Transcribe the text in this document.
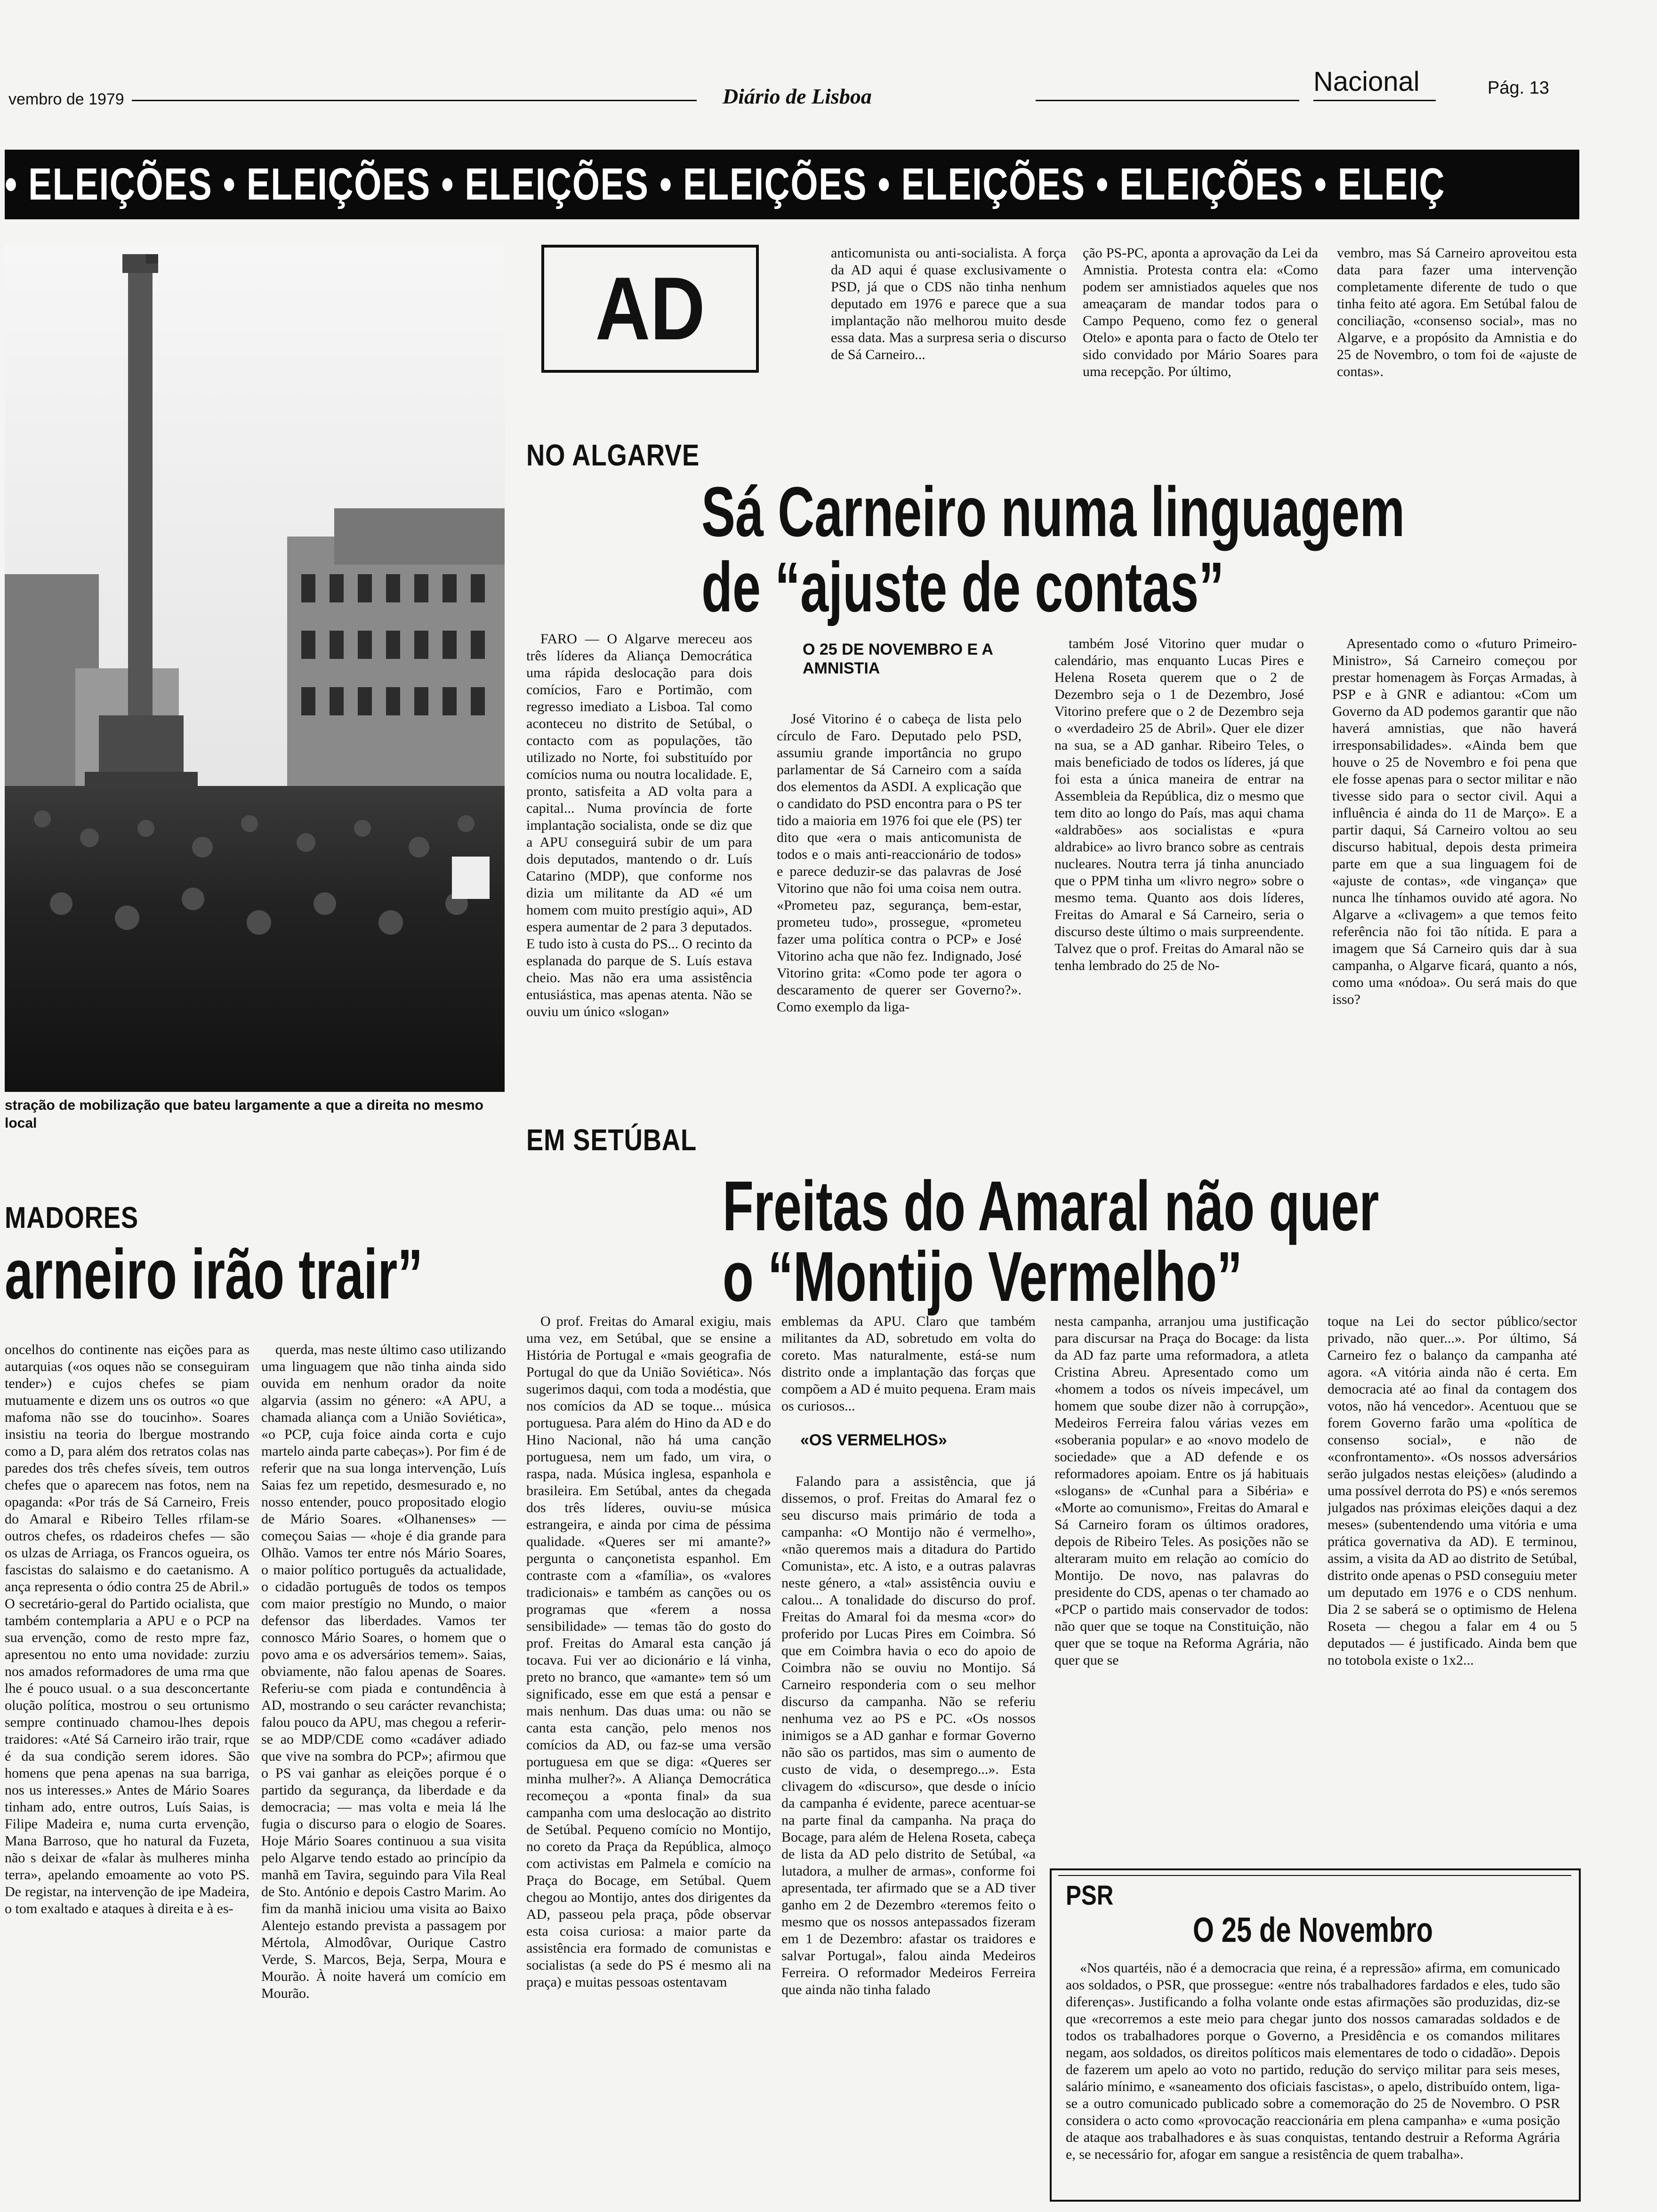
vembro de 1979	Diário de Lisboa	Nacional	Pág. 13
• ELEIÇÕES • ELEIÇÕES • ELEIÇÕES • ELEIÇÕES • ELEIÇÕES • ELEIÇÕES • ELEIÇ
stração de mobilização que bateu largamente a que a direita no mesmo local
AD

anticomunista ou anti-socialista. A força da AD aqui é quase exclusivamente o PSD, já que o CDS não tinha nenhum deputado em 1976 e parece que a sua implantação não melhorou muito desde essa data. Mas a surpresa seria o discurso de Sá Carneiro...

ção PS-PC, aponta a aprovação da Lei da Amnistia. Protesta contra ela: «Como podem ser amnistiados aqueles que nos ameaçaram de mandar todos para o Campo Pequeno, como fez o general Otelo» e aponta para o facto de Otelo ter sido convidado por Mário Soares para uma recepção. Por último,

vembro, mas Sá Carneiro aproveitou esta data para fazer uma intervenção completamente diferente de tudo o que tinha feito até agora. Em Setúbal falou de conciliação, «consenso social», mas no Algarve, e a propósito da Amnistia e do 25 de Novembro, o tom foi de «ajuste de contas».

NO ALGARVE
Sá Carneiro numa linguagem
de “ajuste de contas”

FARO — O Algarve mereceu aos três líderes da Aliança Democrática uma rápida deslocação para dois comícios, Faro e Portimão, com regresso imediato a Lisboa. Tal como aconteceu no distrito de Setúbal, o contacto com as populações, tão utilizado no Norte, foi substituído por comícios numa ou noutra localidade. E, pronto, satisfeita a AD volta para a capital... Numa província de forte implantação socialista, onde se diz que a APU conseguirá subir de um para dois deputados, mantendo o dr. Luís Catarino (MDP), que conforme nos dizia um militante da AD «é um homem com muito prestígio aqui», AD espera aumentar de 2 para 3 deputados. E tudo isto à custa do PS... O recinto da esplanada do parque de S. Luís estava cheio. Mas não era uma assistência entusiástica, mas apenas atenta. Não se ouviu um único «slogan»

O 25 DE NOVEMBRO E A AMNISTIA

José Vitorino é o cabeça de lista pelo círculo de Faro. Deputado pelo PSD, assumiu grande importância no grupo parlamentar de Sá Carneiro com a saída dos elementos da ASDI. A explicação que o candidato do PSD encontra para o PS ter tido a maioria em 1976 foi que ele (PS) ter dito que «era o mais anticomunista de todos e o mais anti-reaccionário de todos» e parece deduzir-se das palavras de José Vitorino que não foi uma coisa nem outra. «Prometeu paz, segurança, bem-estar, prometeu tudo», prossegue, «prometeu fazer uma política contra o PCP» e José Vitorino acha que não fez. Indignado, José Vitorino grita: «Como pode ter agora o descaramento de querer ser Governo?». Como exemplo da liga-

também José Vitorino quer mudar o calendário, mas enquanto Lucas Pires e Helena Roseta querem que o 2 de Dezembro seja o 1 de Dezembro, José Vitorino prefere que o 2 de Dezembro seja o «verdadeiro 25 de Abril». Quer ele dizer na sua, se a AD ganhar. Ribeiro Teles, o mais beneficiado de todos os líderes, já que foi esta a única maneira de entrar na Assembleia da República, diz o mesmo que tem dito ao longo do País, mas aqui chama «aldrabões» aos socialistas e «pura aldrabice» ao livro branco sobre as centrais nucleares. Noutra terra já tinha anunciado que o PPM tinha um «livro negro» sobre o mesmo tema. Quanto aos dois líderes, Freitas do Amaral e Sá Carneiro, seria o discurso deste último o mais surpreendente. Talvez que o prof. Freitas do Amaral não se tenha lembrado do 25 de No-

Apresentado como o «futuro Primeiro-Ministro», Sá Carneiro começou por prestar homenagem às Forças Armadas, à PSP e à GNR e adiantou: «Com um Governo da AD podemos garantir que não haverá amnistias, que não haverá irresponsabilidades». «Ainda bem que houve o 25 de Novembro e foi pena que ele fosse apenas para o sector militar e não tivesse sido para o sector civil. Aqui a influência é ainda do 11 de Março». E a partir daqui, Sá Carneiro voltou ao seu discurso habitual, depois desta primeira parte em que a sua linguagem foi de «ajuste de contas», «de vingança» que nunca lhe tínhamos ouvido até agora. No Algarve a «clivagem» a que temos feito referência não foi tão nítida. E para a imagem que Sá Carneiro quis dar à sua campanha, o Algarve ficará, quanto a nós, como uma «nódoa». Ou será mais do que isso?

MADORES
arneiro irão trair”

oncelhos do continente nas eições para as autarquias («os oques não se conseguiram tender») e cujos chefes se piam mutuamente e dizem uns os outros «o que mafoma não sse do toucinho». Soares insistiu na teoria do lbergue mostrando como a D, para além dos retratos colas nas paredes dos três chefes síveis, tem outros chefes que o aparecem nas fotos, nem na opaganda: «Por trás de Sá Carneiro, Freis do Amaral e Ribeiro Telles rfilam-se outros chefes, os rdadeiros chefes — são os ulzas de Arriaga, os Francos ogueira, os fascistas do salaismo e do caetanismo. A ança representa o ódio contra 25 de Abril.» O secretário-geral do Partido ocialista, que também contemplaria a APU e o PCP na sua ervenção, como de resto mpre faz, apresentou no ento uma novidade: zurziu nos amados reformadores de uma rma que lhe é pouco usual. o a sua desconcertante olução política, mostrou o seu ortunismo sempre continuado chamou-lhes depois traidores: «Até Sá Carneiro irão trair, rque é da sua condição serem idores. São homens que pena apenas na sua barriga, nos us interesses.» Antes de Mário Soares tinham ado, entre outros, Luís Saias, is Filipe Madeira e, numa curta ervenção, Mana Barroso, que ho natural da Fuzeta, não s deixar de «falar às mulheres minha terra», apelando emoamente ao voto PS. De registar, na intervenção de ipe Madeira, o tom exaltado e ataques à direita e à es-

querda, mas neste último caso utilizando uma linguagem que não tinha ainda sido ouvida em nenhum orador da noite algarvia (assim no género: «A APU, a chamada aliança com a União Soviética», «o PCP, cuja foice ainda corta e cujo martelo ainda parte cabeças»). Por fim é de referir que na sua longa intervenção, Luís Saias fez um repetido, desmesurado e, no nosso entender, pouco propositado elogio de Mário Soares. «Olhanenses» — começou Saias — «hoje é dia grande para Olhão. Vamos ter entre nós Mário Soares, o maior político português da actualidade, o cidadão português de todos os tempos com maior prestígio no Mundo, o maior defensor das liberdades. Vamos ter connosco Mário Soares, o homem que o povo ama e os adversários temem». Saias, obviamente, não falou apenas de Soares. Referiu-se com piada e contundência à AD, mostrando o seu carácter revanchista; falou pouco da APU, mas chegou a referir-se ao MDP/CDE como «cadáver adiado que vive na sombra do PCP»; afirmou que o PS vai ganhar as eleições porque é o partido da segurança, da liberdade e da democracia; — mas volta e meia lá lhe fugia o discurso para o elogio de Soares. Hoje Mário Soares continuou a sua visita pelo Algarve tendo estado ao princípio da manhã em Tavira, seguindo para Vila Real de Sto. António e depois Castro Marim. Ao fim da manhã iniciou uma visita ao Baixo Alentejo estando prevista a passagem por Mértola, Almodôvar, Ourique Castro Verde, S. Marcos, Beja, Serpa, Moura e Mourão. À noite haverá um comício em Mourão.

EM SETÚBAL
Freitas do Amaral não quer
o “Montijo Vermelho”

O prof. Freitas do Amaral exigiu, mais uma vez, em Setúbal, que se ensine a História de Portugal e «mais geografia de Portugal do que da União Soviética». Nós sugerimos daqui, com toda a modéstia, que nos comícios da AD se toque... música portuguesa. Para além do Hino da AD e do Hino Nacional, não há uma canção portuguesa, nem um fado, um vira, o raspa, nada. Música inglesa, espanhola e brasileira. Em Setúbal, antes da chegada dos três líderes, ouviu-se música estrangeira, e ainda por cima de péssima qualidade. «Queres ser mi amante?» pergunta o cançonetista espanhol. Em contraste com a «família», os «valores tradicionais» e também as canções ou os programas que «ferem a nossa sensibilidade» — temas tão do gosto do prof. Freitas do Amaral esta canção já tocava. Fui ver ao dicionário e lá vinha, preto no branco, que «amante» tem só um significado, esse em que está a pensar e mais nenhum. Das duas uma: ou não se canta esta canção, pelo menos nos comícios da AD, ou faz-se uma versão portuguesa em que se diga: «Queres ser minha mulher?». A Aliança Democrática recomeçou a «ponta final» da sua campanha com uma deslocação ao distrito de Setúbal. Pequeno comício no Montijo, no coreto da Praça da República, almoço com activistas em Palmela e comício na Praça do Bocage, em Setúbal. Quem chegou ao Montijo, antes dos dirigentes da AD, passeou pela praça, pôde observar esta coisa curiosa: a maior parte da assistência era formado de comunistas e socialistas (a sede do PS é mesmo ali na praça) e muitas pessoas ostentavam

emblemas da APU. Claro que também militantes da AD, sobretudo em volta do coreto. Mas naturalmente, está-se num distrito onde a implantação das forças que compõem a AD é muito pequena. Eram mais os curiosos...

«OS VERMELHOS»

Falando para a assistência, que já dissemos, o prof. Freitas do Amaral fez o seu discurso mais primário de toda a campanha: «O Montijo não é vermelho», «não queremos mais a ditadura do Partido Comunista», etc. A isto, e a outras palavras neste género, a «tal» assistência ouviu e calou... A tonalidade do discurso do prof. Freitas do Amaral foi da mesma «cor» do proferido por Lucas Pires em Coimbra. Só que em Coimbra havia o eco do apoio de Coimbra não se ouviu no Montijo. Sá Carneiro responderia com o seu melhor discurso da campanha. Não se referiu nenhuma vez ao PS e PC. «Os nossos inimigos se a AD ganhar e formar Governo não são os partidos, mas sim o aumento de custo de vida, o desemprego...». Esta clivagem do «discurso», que desde o início da campanha é evidente, parece acentuar-se na parte final da campanha. Na praça do Bocage, para além de Helena Roseta, cabeça de lista da AD pelo distrito de Setúbal, «a lutadora, a mulher de armas», conforme foi apresentada, ter afirmado que se a AD tiver ganho em 2 de Dezembro «teremos feito o mesmo que os nossos antepassados fizeram em 1 de Dezembro: afastar os traidores e salvar Portugal», falou ainda Medeiros Ferreira. O reformador Medeiros Ferreira que ainda não tinha falado

nesta campanha, arranjou uma justificação para discursar na Praça do Bocage: da lista da AD faz parte uma reformadora, a atleta Cristina Abreu. Apresentado como um «homem a todos os níveis impecável, um homem que soube dizer não à corrupção», Medeiros Ferreira falou várias vezes em «soberania popular» e ao «novo modelo de sociedade» que a AD defende e os reformadores apoiam. Entre os já habituais «slogans» de «Cunhal para a Sibéria» e «Morte ao comunismo», Freitas do Amaral e Sá Carneiro foram os últimos oradores, depois de Ribeiro Teles. As posições não se alteraram muito em relação ao comício do Montijo. De novo, nas palavras do presidente do CDS, apenas o ter chamado ao «PCP o partido mais conservador de todos: não quer que se toque na Constituição, não quer que se toque na Reforma Agrária, não quer que se

toque na Lei do sector público/sector privado, não quer...». Por último, Sá Carneiro fez o balanço da campanha até agora. «A vitória ainda não é certa. Em democracia até ao final da contagem dos votos, não há vencedor». Acentuou que se forem Governo farão uma «política de consenso social», e não de «confrontamento». «Os nossos adversários serão julgados nestas eleições» (aludindo a uma possível derrota do PS) e «nós seremos julgados nas próximas eleições daqui a dez meses» (subentendendo uma vitória e uma prática governativa da AD). E terminou, assim, a visita da AD ao distrito de Setúbal, distrito onde apenas o PSD conseguiu meter um deputado em 1976 e o CDS nenhum. Dia 2 se saberá se o optimismo de Helena Roseta — chegou a falar em 4 ou 5 deputados — é justificado. Ainda bem que no totobola existe o 1x2...

PSR
O 25 de Novembro

«Nos quartéis, não é a democracia que reina, é a repressão» afirma, em comunicado aos soldados, o PSR, que prossegue: «entre nós trabalhadores fardados e eles, tudo são diferenças». Justificando a folha volante onde estas afirmações são produzidas, diz-se que «recorremos a este meio para chegar junto dos nossos camaradas soldados e de todos os trabalhadores porque o Governo, a Presidência e os comandos militares negam, aos soldados, os direitos políticos mais elementares de todo o cidadão». Depois de fazerem um apelo ao voto no partido, redução do serviço militar para seis meses, salário mínimo, e «saneamento dos oficiais fascistas», o apelo, distribuído ontem, liga-se a outro comunicado publicado sobre a comemoração do 25 de Novembro. O PSR considera o acto como «provocação reaccionária em plena campanha» e «uma posição de ataque aos trabalhadores e às suas conquistas, tentando destruir a Reforma Agrária e, se necessário for, afogar em sangue a resistência de quem trabalha».
